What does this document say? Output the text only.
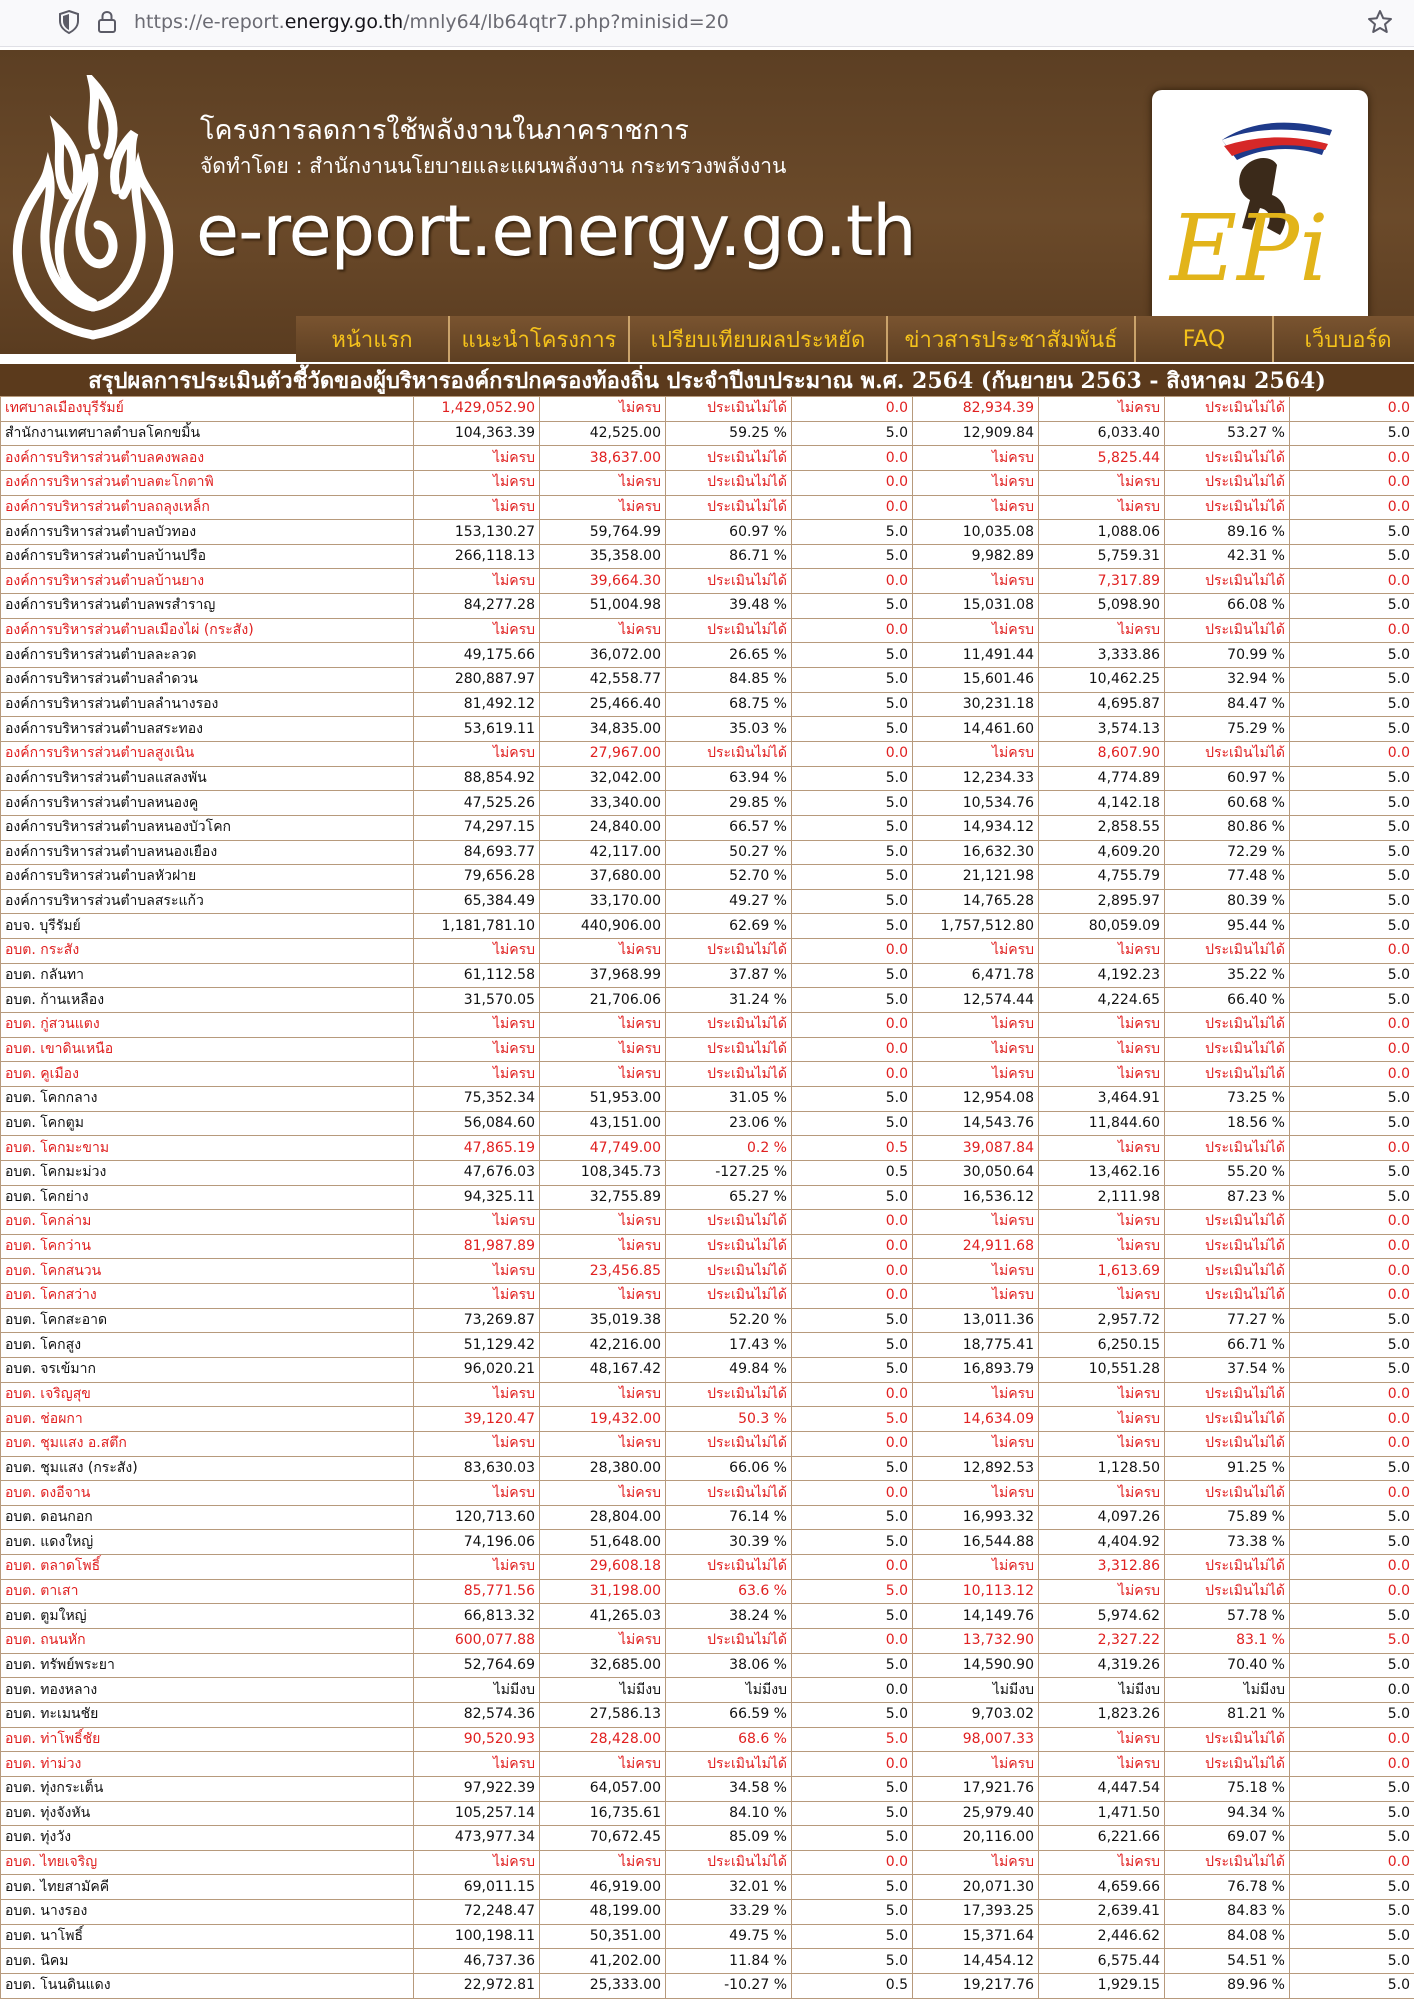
https://e-report.energy.go.th/mnly64/lb64qtr7.php?minisid=20
โครงการลดการใช้พลังงานในภาคราชการ
จัดทำโดย : สำนักงานนโยบายและแผนพลังงาน กระทรวงพลังงาน
e-report.energy.go.th	EPi
หน้าแรก	แนะนำโครงการ	เปรียบเทียบผลประหยัด	ข่าวสารประชาสัมพันธ์	FAQ	เว็บบอร์ด
สรุปผลการประเมินตัวชี้วัดของผู้บริหารองค์กรปกครองท้องถิ่น ประจำปีงบประมาณ พ.ศ. 2564 (กันยายน 2563 - สิงหาคม 2564)
เทศบาลเมืองบุรีรัมย์	1,429,052.90	ไม่ครบ	ประเมินไม่ได้	0.0	82,934.39	ไม่ครบ	ประเมินไม่ได้	0.0
สำนักงานเทศบาลตำบลโคกขมิ้น	104,363.39	42,525.00	59.25 %	5.0	12,909.84	6,033.40	53.27 %	5.0
องค์การบริหารส่วนตำบลคงพลอง	ไม่ครบ	38,637.00	ประเมินไม่ได้	0.0	ไม่ครบ	5,825.44	ประเมินไม่ได้	0.0
องค์การบริหารส่วนตำบลตะโกตาพิ	ไม่ครบ	ไม่ครบ	ประเมินไม่ได้	0.0	ไม่ครบ	ไม่ครบ	ประเมินไม่ได้	0.0
องค์การบริหารส่วนตำบลถลุงเหล็ก	ไม่ครบ	ไม่ครบ	ประเมินไม่ได้	0.0	ไม่ครบ	ไม่ครบ	ประเมินไม่ได้	0.0
องค์การบริหารส่วนตำบลบัวทอง	153,130.27	59,764.99	60.97 %	5.0	10,035.08	1,088.06	89.16 %	5.0
องค์การบริหารส่วนตำบลบ้านปรือ	266,118.13	35,358.00	86.71 %	5.0	9,982.89	5,759.31	42.31 %	5.0
องค์การบริหารส่วนตำบลบ้านยาง	ไม่ครบ	39,664.30	ประเมินไม่ได้	0.0	ไม่ครบ	7,317.89	ประเมินไม่ได้	0.0
องค์การบริหารส่วนตำบลพรสำราญ	84,277.28	51,004.98	39.48 %	5.0	15,031.08	5,098.90	66.08 %	5.0
องค์การบริหารส่วนตำบลเมืองไผ่ (กระสัง)	ไม่ครบ	ไม่ครบ	ประเมินไม่ได้	0.0	ไม่ครบ	ไม่ครบ	ประเมินไม่ได้	0.0
องค์การบริหารส่วนตำบลละลวด	49,175.66	36,072.00	26.65 %	5.0	11,491.44	3,333.86	70.99 %	5.0
องค์การบริหารส่วนตำบลลำดวน	280,887.97	42,558.77	84.85 %	5.0	15,601.46	10,462.25	32.94 %	5.0
องค์การบริหารส่วนตำบลลำนางรอง	81,492.12	25,466.40	68.75 %	5.0	30,231.18	4,695.87	84.47 %	5.0
องค์การบริหารส่วนตำบลสระทอง	53,619.11	34,835.00	35.03 %	5.0	14,461.60	3,574.13	75.29 %	5.0
องค์การบริหารส่วนตำบลสูงเนิน	ไม่ครบ	27,967.00	ประเมินไม่ได้	0.0	ไม่ครบ	8,607.90	ประเมินไม่ได้	0.0
องค์การบริหารส่วนตำบลแสลงพัน	88,854.92	32,042.00	63.94 %	5.0	12,234.33	4,774.89	60.97 %	5.0
องค์การบริหารส่วนตำบลหนองคู	47,525.26	33,340.00	29.85 %	5.0	10,534.76	4,142.18	60.68 %	5.0
องค์การบริหารส่วนตำบลหนองบัวโคก	74,297.15	24,840.00	66.57 %	5.0	14,934.12	2,858.55	80.86 %	5.0
องค์การบริหารส่วนตำบลหนองเยือง	84,693.77	42,117.00	50.27 %	5.0	16,632.30	4,609.20	72.29 %	5.0
องค์การบริหารส่วนตำบลหัวฝาย	79,656.28	37,680.00	52.70 %	5.0	21,121.98	4,755.79	77.48 %	5.0
องค์การบริหารส่วนตำบลสระแก้ว	65,384.49	33,170.00	49.27 %	5.0	14,765.28	2,895.97	80.39 %	5.0
อบจ. บุรีรัมย์	1,181,781.10	440,906.00	62.69 %	5.0	1,757,512.80	80,059.09	95.44 %	5.0
อบต. กระสัง	ไม่ครบ	ไม่ครบ	ประเมินไม่ได้	0.0	ไม่ครบ	ไม่ครบ	ประเมินไม่ได้	0.0
อบต. กลันทา	61,112.58	37,968.99	37.87 %	5.0	6,471.78	4,192.23	35.22 %	5.0
อบต. ก้านเหลือง	31,570.05	21,706.06	31.24 %	5.0	12,574.44	4,224.65	66.40 %	5.0
อบต. กู่สวนแตง	ไม่ครบ	ไม่ครบ	ประเมินไม่ได้	0.0	ไม่ครบ	ไม่ครบ	ประเมินไม่ได้	0.0
อบต. เขาดินเหนือ	ไม่ครบ	ไม่ครบ	ประเมินไม่ได้	0.0	ไม่ครบ	ไม่ครบ	ประเมินไม่ได้	0.0
อบต. คูเมือง	ไม่ครบ	ไม่ครบ	ประเมินไม่ได้	0.0	ไม่ครบ	ไม่ครบ	ประเมินไม่ได้	0.0
อบต. โคกกลาง	75,352.34	51,953.00	31.05 %	5.0	12,954.08	3,464.91	73.25 %	5.0
อบต. โคกตูม	56,084.60	43,151.00	23.06 %	5.0	14,543.76	11,844.60	18.56 %	5.0
อบต. โคกมะขาม	47,865.19	47,749.00	0.2 %	0.5	39,087.84	ไม่ครบ	ประเมินไม่ได้	0.0
อบต. โคกมะม่วง	47,676.03	108,345.73	-127.25 %	0.5	30,050.64	13,462.16	55.20 %	5.0
อบต. โคกย่าง	94,325.11	32,755.89	65.27 %	5.0	16,536.12	2,111.98	87.23 %	5.0
อบต. โคกล่าม	ไม่ครบ	ไม่ครบ	ประเมินไม่ได้	0.0	ไม่ครบ	ไม่ครบ	ประเมินไม่ได้	0.0
อบต. โคกว่าน	81,987.89	ไม่ครบ	ประเมินไม่ได้	0.0	24,911.68	ไม่ครบ	ประเมินไม่ได้	0.0
อบต. โคกสนวน	ไม่ครบ	23,456.85	ประเมินไม่ได้	0.0	ไม่ครบ	1,613.69	ประเมินไม่ได้	0.0
อบต. โคกสว่าง	ไม่ครบ	ไม่ครบ	ประเมินไม่ได้	0.0	ไม่ครบ	ไม่ครบ	ประเมินไม่ได้	0.0
อบต. โคกสะอาด	73,269.87	35,019.38	52.20 %	5.0	13,011.36	2,957.72	77.27 %	5.0
อบต. โคกสูง	51,129.42	42,216.00	17.43 %	5.0	18,775.41	6,250.15	66.71 %	5.0
อบต. จรเข้มาก	96,020.21	48,167.42	49.84 %	5.0	16,893.79	10,551.28	37.54 %	5.0
อบต. เจริญสุข	ไม่ครบ	ไม่ครบ	ประเมินไม่ได้	0.0	ไม่ครบ	ไม่ครบ	ประเมินไม่ได้	0.0
อบต. ช่อผกา	39,120.47	19,432.00	50.3 %	5.0	14,634.09	ไม่ครบ	ประเมินไม่ได้	0.0
อบต. ชุมแสง อ.สตึก	ไม่ครบ	ไม่ครบ	ประเมินไม่ได้	0.0	ไม่ครบ	ไม่ครบ	ประเมินไม่ได้	0.0
อบต. ชุมแสง (กระสัง)	83,630.03	28,380.00	66.06 %	5.0	12,892.53	1,128.50	91.25 %	5.0
อบต. ดงอีจาน	ไม่ครบ	ไม่ครบ	ประเมินไม่ได้	0.0	ไม่ครบ	ไม่ครบ	ประเมินไม่ได้	0.0
อบต. ดอนกอก	120,713.60	28,804.00	76.14 %	5.0	16,993.32	4,097.26	75.89 %	5.0
อบต. แดงใหญ่	74,196.06	51,648.00	30.39 %	5.0	16,544.88	4,404.92	73.38 %	5.0
อบต. ตลาดโพธิ์	ไม่ครบ	29,608.18	ประเมินไม่ได้	0.0	ไม่ครบ	3,312.86	ประเมินไม่ได้	0.0
อบต. ตาเสา	85,771.56	31,198.00	63.6 %	5.0	10,113.12	ไม่ครบ	ประเมินไม่ได้	0.0
อบต. ตูมใหญ่	66,813.32	41,265.03	38.24 %	5.0	14,149.76	5,974.62	57.78 %	5.0
อบต. ถนนหัก	600,077.88	ไม่ครบ	ประเมินไม่ได้	0.0	13,732.90	2,327.22	83.1 %	5.0
อบต. ทรัพย์พระยา	52,764.69	32,685.00	38.06 %	5.0	14,590.90	4,319.26	70.40 %	5.0
อบต. ทองหลาง	ไม่มีงบ	ไม่มีงบ	ไม่มีงบ	0.0	ไม่มีงบ	ไม่มีงบ	ไม่มีงบ	0.0
อบต. ทะเมนชัย	82,574.36	27,586.13	66.59 %	5.0	9,703.02	1,823.26	81.21 %	5.0
อบต. ท่าโพธิ์ชัย	90,520.93	28,428.00	68.6 %	5.0	98,007.33	ไม่ครบ	ประเมินไม่ได้	0.0
อบต. ท่าม่วง	ไม่ครบ	ไม่ครบ	ประเมินไม่ได้	0.0	ไม่ครบ	ไม่ครบ	ประเมินไม่ได้	0.0
อบต. ทุ่งกระเต็น	97,922.39	64,057.00	34.58 %	5.0	17,921.76	4,447.54	75.18 %	5.0
อบต. ทุ่งจังหัน	105,257.14	16,735.61	84.10 %	5.0	25,979.40	1,471.50	94.34 %	5.0
อบต. ทุ่งวัง	473,977.34	70,672.45	85.09 %	5.0	20,116.00	6,221.66	69.07 %	5.0
อบต. ไทยเจริญ	ไม่ครบ	ไม่ครบ	ประเมินไม่ได้	0.0	ไม่ครบ	ไม่ครบ	ประเมินไม่ได้	0.0
อบต. ไทยสามัคคี	69,011.15	46,919.00	32.01 %	5.0	20,071.30	4,659.66	76.78 %	5.0
อบต. นางรอง	72,248.47	48,199.00	33.29 %	5.0	17,393.25	2,639.41	84.83 %	5.0
อบต. นาโพธิ์	100,198.11	50,351.00	49.75 %	5.0	15,371.64	2,446.62	84.08 %	5.0
อบต. นิคม	46,737.36	41,202.00	11.84 %	5.0	14,454.12	6,575.44	54.51 %	5.0
อบต. โนนดินแดง	22,972.81	25,333.00	-10.27 %	0.5	19,217.76	1,929.15	89.96 %	5.0
